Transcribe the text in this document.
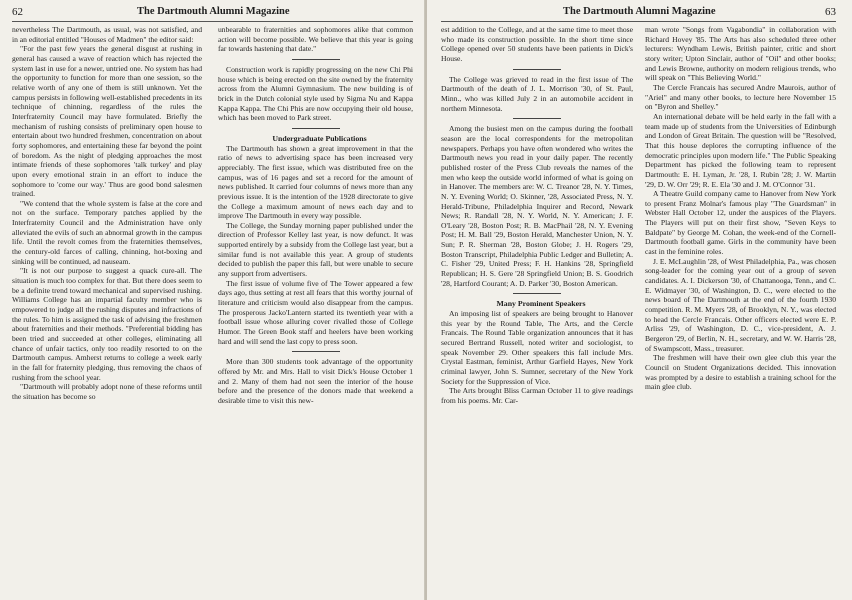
62	The Dartmouth Alumni Magazine

nevertheless The Dartmouth, as usual, was not satisfied, and in an editorial entitled "Houses of Madmen" the editor said:

"For the past few years the general disgust at rushing in general has caused a wave of reaction which has rejected the system last in use for a newer, untried one. No system has had the opportunity to function for more than one session, so the relative worth of any one of them is still unknown. Yet the campus persists in following well-established precedents in its technique of chinning, regardless of the rules the Interfraternity Council may have formulated. Briefly the mechanism of rushing consists of preliminary open house to entertain about two hundred freshmen, concentration on about forty sophomores, and entertaining these far beyond the point of boredom. As the night of pledging approaches the most intimate friends of these sophomores 'talk turkey' and play upon every emotional strain in an effort to induce the sophomore to 'come our way.' Thus are good bond salesmen trained.

"We contend that the whole system is false at the core and not on the surface. Temporary patches applied by the Interfraternity Council and the Administration have only alleviated the evils of such an abnormal growth in the campus life. Until the revolt comes from the fraternities themselves, the century-old farces of calling, chinning, hot-boxing and sinking will be continued, ad nauseam.

"It is not our purpose to suggest a quack cure-all. The situation is much too complex for that. But there does seem to be a definite trend toward mechanical and supervised rushing. Williams College has an impartial faculty member who is empowered to judge all the rushing disputes and infractions of the rules. To him is assigned the task of advising the freshmen about fraternities and their methods. "Preferential bidding has been tried and succeeded at other colleges, eliminating all chance of unfair tactics, only too readily resorted to on the Dartmouth campus. Amherst returns to college a week early in the fall for fraternity pledging, thus removing the chaos of rushing from the school year.

"Dartmouth will probably adopt none of these reforms until the situation has become so

unbearable to fraternities and sophomores alike that common action will become possible. We believe that this year is going far towards hastening that date."

Construction work is rapidly progressing on the new Chi Phi house which is being erected on the site owned by the fraternity across from the Alumni Gymnasium. The new building is of brick in the Dutch colonial style used by Sigma Nu and Kappa Kappa Kappa. The Chi Phis are now occupying their old house, which has been moved to Park street.

Undergraduate Publications

The Dartmouth has shown a great improvement in that the ratio of news to advertising space has been increased very appreciably. The first issue, which was distributed free on the campus, was of 16 pages and set a record for the amount of news published. It carried four columns of news more than any previous issue. It is the intention of the 1928 directorate to give the College a maximum amount of news each day and to improve The Dartmouth in every way possible.

The College, the Sunday morning paper published under the direction of Professor Kelley last year, is now defunct. It was supported entirely by a subsidy from the College last year, but a similar fund is not available this year. A group of students decided to publish the paper this fall, but were unable to secure any support from advertisers.

The first issue of volume five of The Tower appeared a few days ago, thus setting at rest all fears that this worthy journal of literature and criticism would also disappear from the campus. The prosperous Jacko'Lantern started its twentieth year with a football issue whose alluring cover rivalled those of College Humor. The Green Book staff and heelers have been working hard and will send the last copy to press soon.

More than 300 students took advantage of the opportunity offered by Mr. and Mrs. Hall to visit Dick's House October 1 and 2. Many of them had not seen the interior of the house before and the presence of the donors made that weekend a desirable time to visit this new-

The Dartmouth Alumni Magazine	63

est addition to the College, and at the same time to meet those who made its construction possible. In the short time since College opened over 50 students have been patients in Dick's House.

The College was grieved to read in the first issue of The Dartmouth of the death of J. L. Morrison '30, of St. Paul, Minn., who was killed July 2 in an automobile accident in northern Minnesota.

Among the busiest men on the campus during the football season are the local correspondents for the metropolitan newspapers. Perhaps you have often wondered who writes the Dartmouth news you read in your daily paper. The recently published roster of the Press Club reveals the names of the men who keep the outside world informed of what is going on in Hanover. The members are: W. C. Treanor '28, N. Y. Times, N. Y. Evening World; O. Skinner, '28, Associated Press, N. Y. Herald-Tribune, Philadelphia Inquirer and Record, Newark News; R. Randall '28, N. Y. World, N. Y. American; J. F. O'Leary '28, Boston Post; R. B. MacPhail '28, N. Y. Evening Post; H. M. Ball '29, Boston Herald, Manchester Union, N. Y. Sun; P. R. Sherman '28, Boston Globe; J. H. Rogers '29, Boston Transcript, Philadelphia Public Ledger and Bulletin; A. C. Fisher '29, United Press; F. H. Hankins '28, Springfield Republican; H. S. Gere '28 Springfield Union; B. S. Goodrich '28, Hartford Courant; A. D. Parker '30, Boston American.

Many Prominent Speakers

An imposing list of speakers are being brought to Hanover this year by the Round Table, The Arts, and the Cercle Francais. The Round Table organization announces that it has secured Bertrand Russell, noted writer and sociologist, to speak November 29. Other speakers this fall include Mrs. Crystal Eastman, feminist, Arthur Garfield Hayes, New York criminal lawyer, John S. Sumner, secretary of the New York Society for the Suppression of Vice.

The Arts brought Bliss Carman October 11 to give readings from his poems. Mr. Car-

man wrote "Songs from Vagabondia" in collaboration with Richard Hovey '85. The Arts has also scheduled three other lecturers: Wyndham Lewis, British painter, critic and short story writer; Upton Sinclair, author of "Oil" and other books; and Lewis Browne, authority on modern religious trends, who will speak on "This Believing World."

The Cercle Francais has secured Andre Maurois, author of "Ariel" and many other books, to lecture here November 15 on "Byron and Shelley."

An international debate will be held early in the fall with a team made up of students from the Universities of Edinburgh and London of Great Britain. The question will be "Resolved, That this house deplores the corrupting influence of the democratic principles upon modern life." The Public Speaking Department has picked the following team to represent Dartmouth: E. H. Lyman, Jr. '28, I. Rubin '28; J. W. Martin '29, D. W. Orr '29; R. E. Ela '30 and J. M. O'Connor '31.

A Theatre Guild company came to Hanover from New York to present Franz Molnar's famous play "The Guardsman" in Webster Hall October 12, under the auspices of the Players. The Players will put on their first show, "Seven Keys to Baldpate" by George M. Cohan, the week-end of the Cornell-Dartmouth football game. Girls in the community have been cast in the feminine roles.

J. E. McLaughlin '28, of West Philadelphia, Pa., was chosen song-leader for the coming year out of a group of seven candidates. A. I. Dickerson '30, of Chattanooga, Tenn., and C. E. Widmayer '30, of Washington, D. C., were elected to the news board of The Dartmouth at the end of the fourth 1930 competition. R. M. Myers '28, of Brooklyn, N. Y., was elected to head the Cercle Francais. Other officers elected were E. P. Arliss '29, of Washington, D. C., vice-president, A. J. Bergeron '29, of Berlin, N. H., secretary, and W. W. Harris '28, of Swampscott, Mass., treasurer.

The freshmen will have their own glee club this year the Council on Student Organizations decided. This innovation was prompted by a desire to establish a training school for the main glee club.
